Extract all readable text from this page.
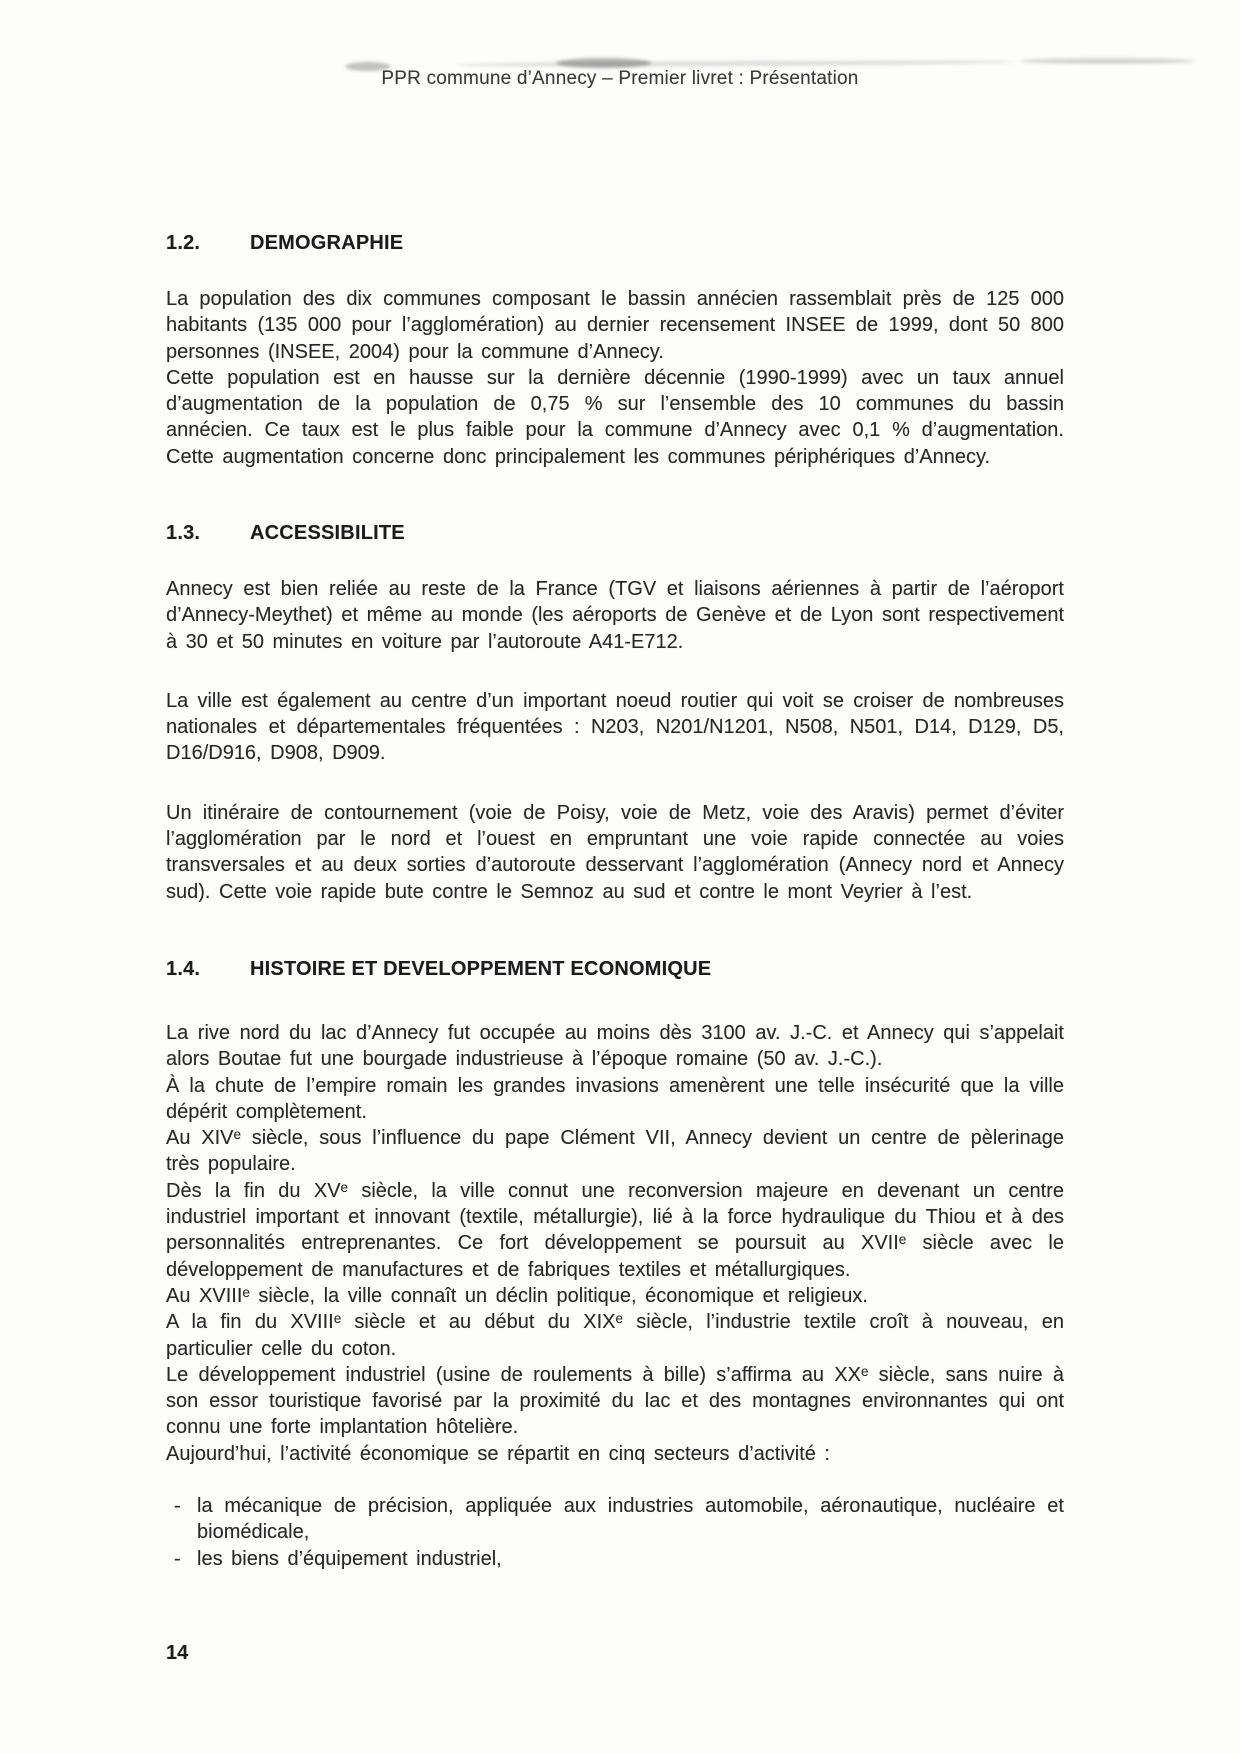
PPR commune d’Annecy – Premier livret : Présentation
1.2.	DEMOGRAPHIE

La population des dix communes composant le bassin annécien rassemblait près de 125 000 habitants (135 000 pour l’agglomération) au dernier recensement INSEE de 1999, dont 50 800 personnes (INSEE, 2004) pour la commune d’Annecy.

Cette population est en hausse sur la dernière décennie (1990-1999) avec un taux annuel d’augmentation de la population de 0,75 % sur l’ensemble des 10 communes du bassin annécien. Ce taux est le plus faible pour la commune d’Annecy avec 0,1 % d’augmentation. Cette augmentation concerne donc principalement les communes périphériques d’Annecy.

1.3.	ACCESSIBILITE

Annecy est bien reliée au reste de la France (TGV et liaisons aériennes à partir de l’aéroport d’Annecy-Meythet) et même au monde (les aéroports de Genève et de Lyon sont respectivement à 30 et 50 minutes en voiture par l’autoroute A41-E712.

La ville est également au centre d’un important noeud routier qui voit se croiser de nombreuses nationales et départementales fréquentées : N203, N201/N1201, N508, N501, D14, D129, D5, D16/D916, D908, D909.

Un itinéraire de contournement (voie de Poisy, voie de Metz, voie des Aravis) permet d’éviter l’agglomération par le nord et l’ouest en empruntant une voie rapide connectée au voies transversales et au deux sorties d’autoroute desservant l’agglomération (Annecy nord et Annecy sud). Cette voie rapide bute contre le Semnoz au sud et contre le mont Veyrier à l’est.

1.4.	HISTOIRE ET DEVELOPPEMENT ECONOMIQUE

La rive nord du lac d’Annecy fut occupée au moins dès 3100 av. J.-C. et Annecy qui s’appelait alors Boutae fut une bourgade industrieuse à l’époque romaine (50 av. J.-C.).

À la chute de l’empire romain les grandes invasions amenèrent une telle insécurité que la ville dépérit complètement.

Au XIVᵉ siècle, sous l’influence du pape Clément VII, Annecy devient un centre de pèlerinage très populaire.

Dès la fin du XVᵉ siècle, la ville connut une reconversion majeure en devenant un centre industriel important et innovant (textile, métallurgie), lié à la force hydraulique du Thiou et à des personnalités entreprenantes. Ce fort développement se poursuit au XVIIᵉ siècle avec le développement de manufactures et de fabriques textiles et métallurgiques.

Au XVIIIᵉ siècle, la ville connaît un déclin politique, économique et religieux.

A la fin du XVIIIᵉ siècle et au début du XIXᵉ siècle, l’industrie textile croît à nouveau, en particulier celle du coton.

Le développement industriel (usine de roulements à bille) s’affirma au XXᵉ siècle, sans nuire à son essor touristique favorisé par la proximité du lac et des montagnes environnantes qui ont connu une forte implantation hôtelière.

Aujourd’hui, l’activité économique se répartit en cinq secteurs d’activité :

- la mécanique de précision, appliquée aux industries automobile, aéronautique, nucléaire et biomédicale,
- les biens d’équipement industriel,
14
